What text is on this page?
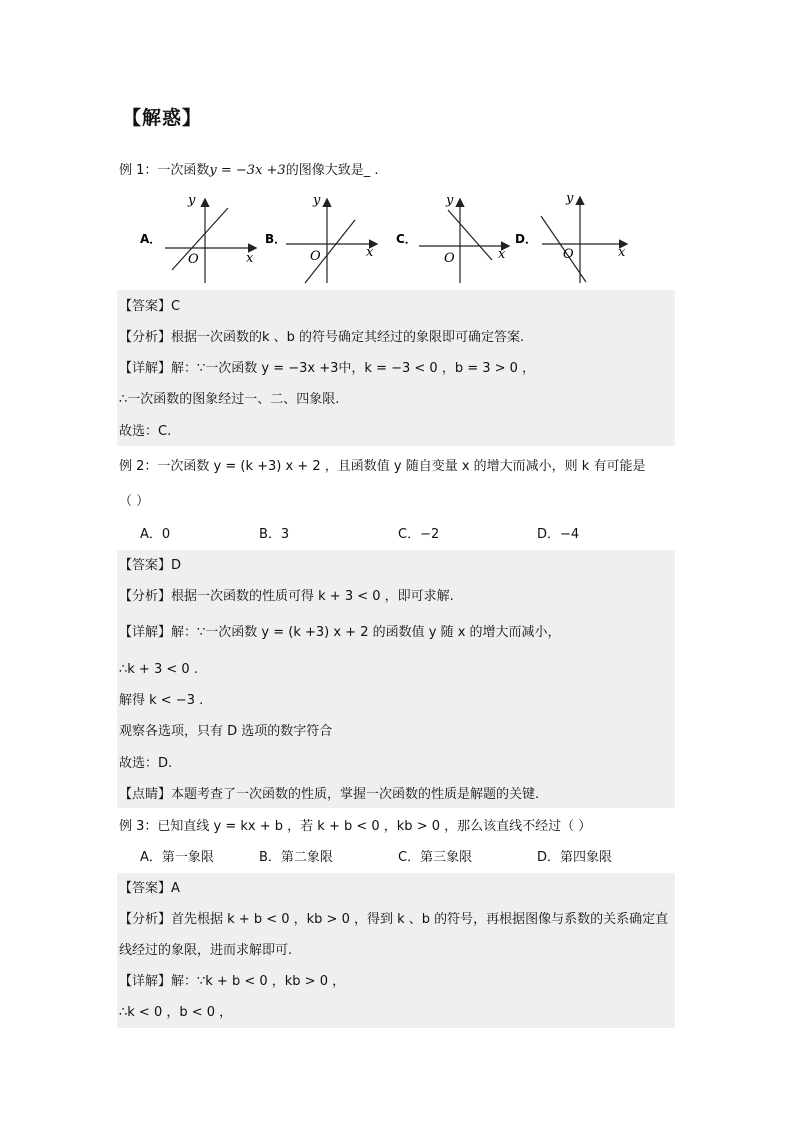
【解惑】
例 1：一次函数y = −3x +3的图像大致是_ .
A．
y
x
O
B．
y
x
O
C．
y
x
O
D．
y
x
O
【答案】C
【分析】根据一次函数的k 、b 的符号确定其经过的象限即可确定答案.
【详解】解：∵一次函数 y = −3x +3中，k = −3 < 0 ，b = 3 > 0 ，
∴一次函数的图象经过一、二、四象限.
故选：C.
例 2：一次函数 y = (k +3) x + 2 ，且函数值 y 随自变量 x 的增大而减小，则 k 有可能是
（ ）
A．0	B．3	C．−2	D．−4
【答案】D
【分析】根据一次函数的性质可得 k + 3 < 0 ，即可求解.
【详解】解：∵一次函数 y = (k +3) x + 2 的函数值 y 随 x 的增大而减小，
∴k + 3 < 0 .
解得 k < −3 .
观察各选项，只有 D 选项的数字符合
故选：D.
【点睛】本题考查了一次函数的性质，掌握一次函数的性质是解题的关键.
例 3：已知直线 y = kx + b ，若 k + b < 0 ，kb > 0 ，那么该直线不经过（ ）
A．第一象限	B．第二象限	C．第三象限	D．第四象限
【答案】A
【分析】首先根据 k + b < 0 ，kb > 0 ，得到 k 、b 的符号，再根据图像与系数的关系确定直
线经过的象限，进而求解即可.
【详解】解：∵k + b < 0 ，kb > 0 ，
∴k < 0 ，b < 0 ，
